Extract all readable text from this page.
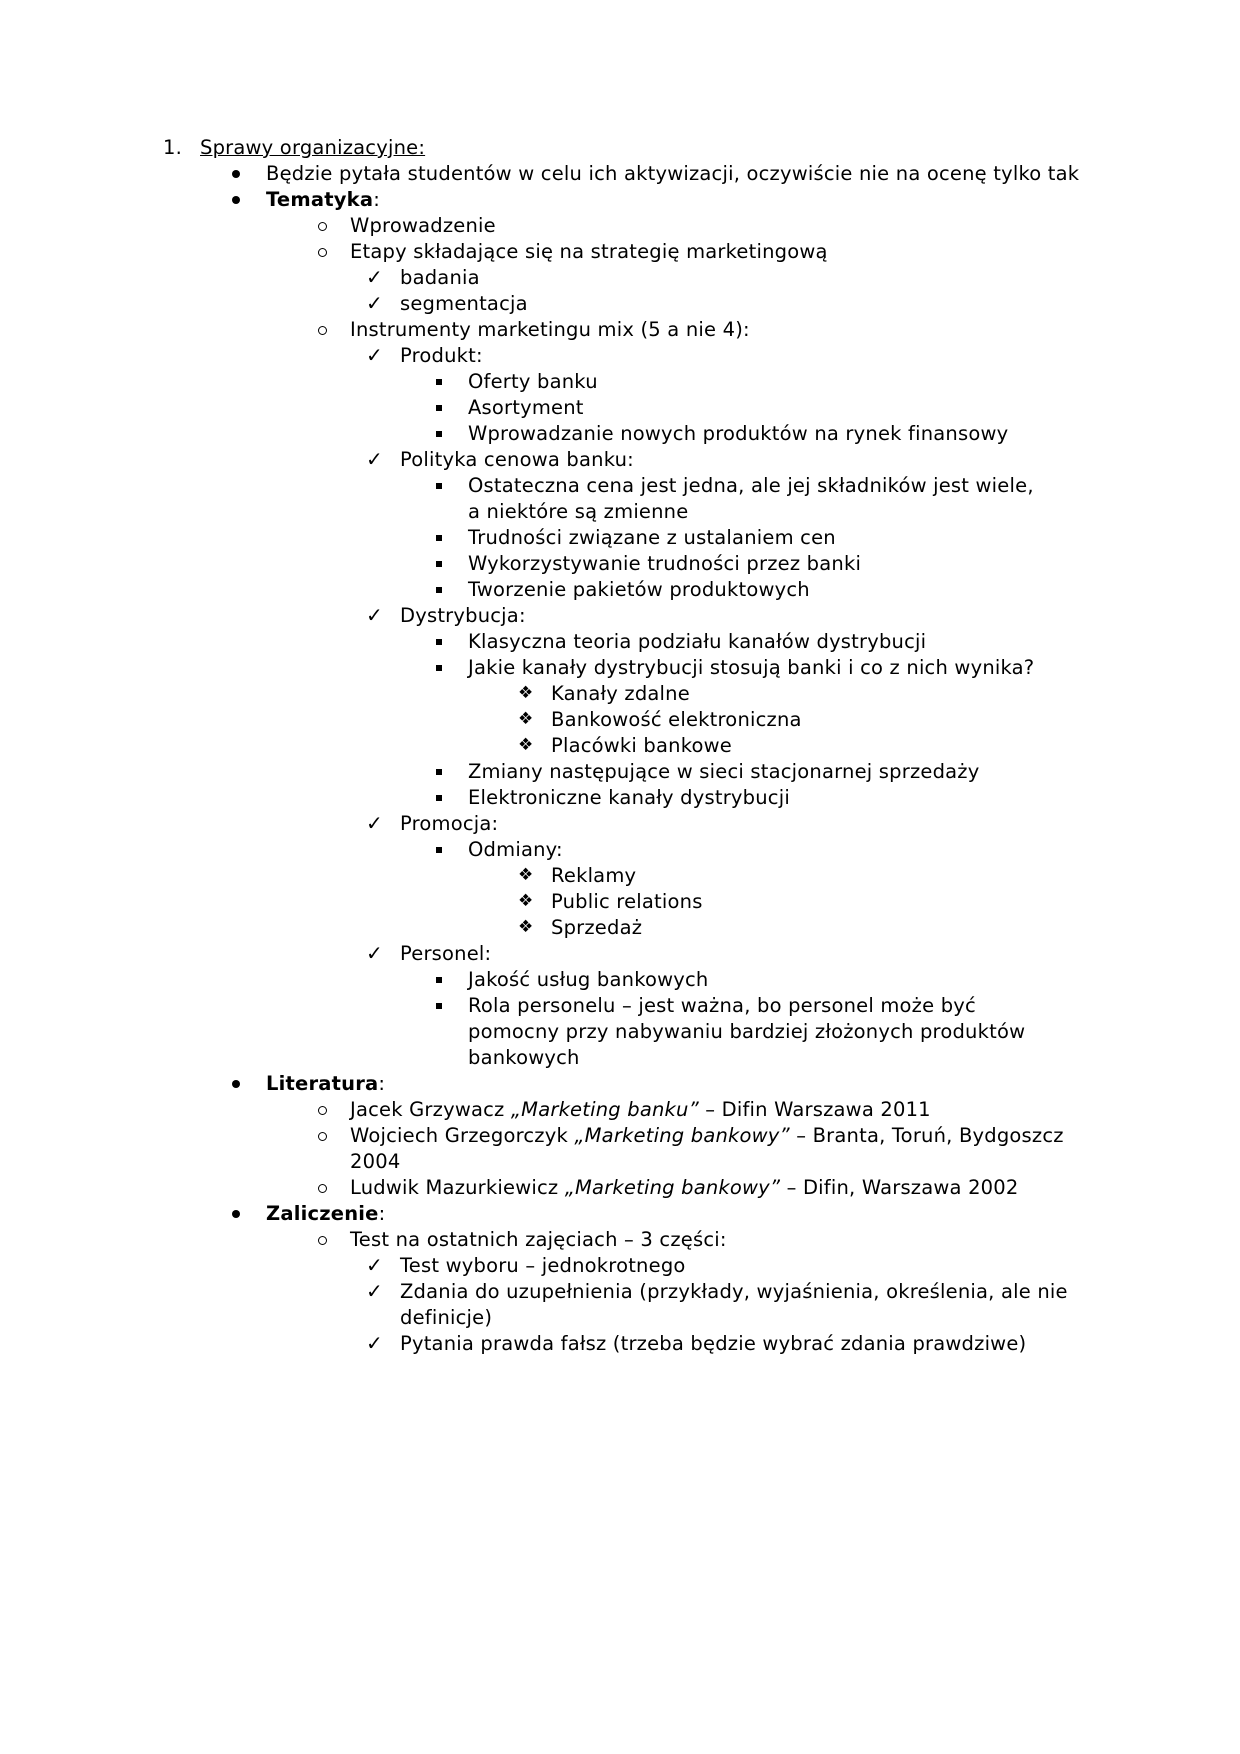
1. Sprawy organizacyjne:
Będzie pytała studentów w celu ich aktywizacji, oczywiście nie na ocenę tylko tak
Tematyka:
Wprowadzenie
Etapy składające się na strategię marketingową
✓ badania
✓ segmentacja
Instrumenty marketingu mix (5 a nie 4):
✓ Produkt:
Oferty banku
Asortyment
Wprowadzanie nowych produktów na rynek finansowy
✓ Polityka cenowa banku:
Ostateczna cena jest jedna, ale jej składników jest wiele,
a niektóre są zmienne
Trudności związane z ustalaniem cen
Wykorzystywanie trudności przez banki
Tworzenie pakietów produktowych
✓ Dystrybucja:
Klasyczna teoria podziału kanałów dystrybucji
Jakie kanały dystrybucji stosują banki i co z nich wynika?
❖ Kanały zdalne
❖ Bankowość elektroniczna
❖ Placówki bankowe
Zmiany następujące w sieci stacjonarnej sprzedaży
Elektroniczne kanały dystrybucji
✓ Promocja:
Odmiany:
❖ Reklamy
❖ Public relations
❖ Sprzedaż
✓ Personel:
Jakość usług bankowych
Rola personelu – jest ważna, bo personel może być
pomocny przy nabywaniu bardziej złożonych produktów
bankowych
Literatura:
Jacek Grzywacz „Marketing banku” – Difin Warszawa 2011
Wojciech Grzegorczyk „Marketing bankowy” – Branta, Toruń, Bydgoszcz
2004
Ludwik Mazurkiewicz „Marketing bankowy” – Difin, Warszawa 2002
Zaliczenie:
Test na ostatnich zajęciach – 3 części:
✓ Test wyboru – jednokrotnego
✓ Zdania do uzupełnienia (przykłady, wyjaśnienia, określenia, ale nie
definicje)
✓ Pytania prawda fałsz (trzeba będzie wybrać zdania prawdziwe)
